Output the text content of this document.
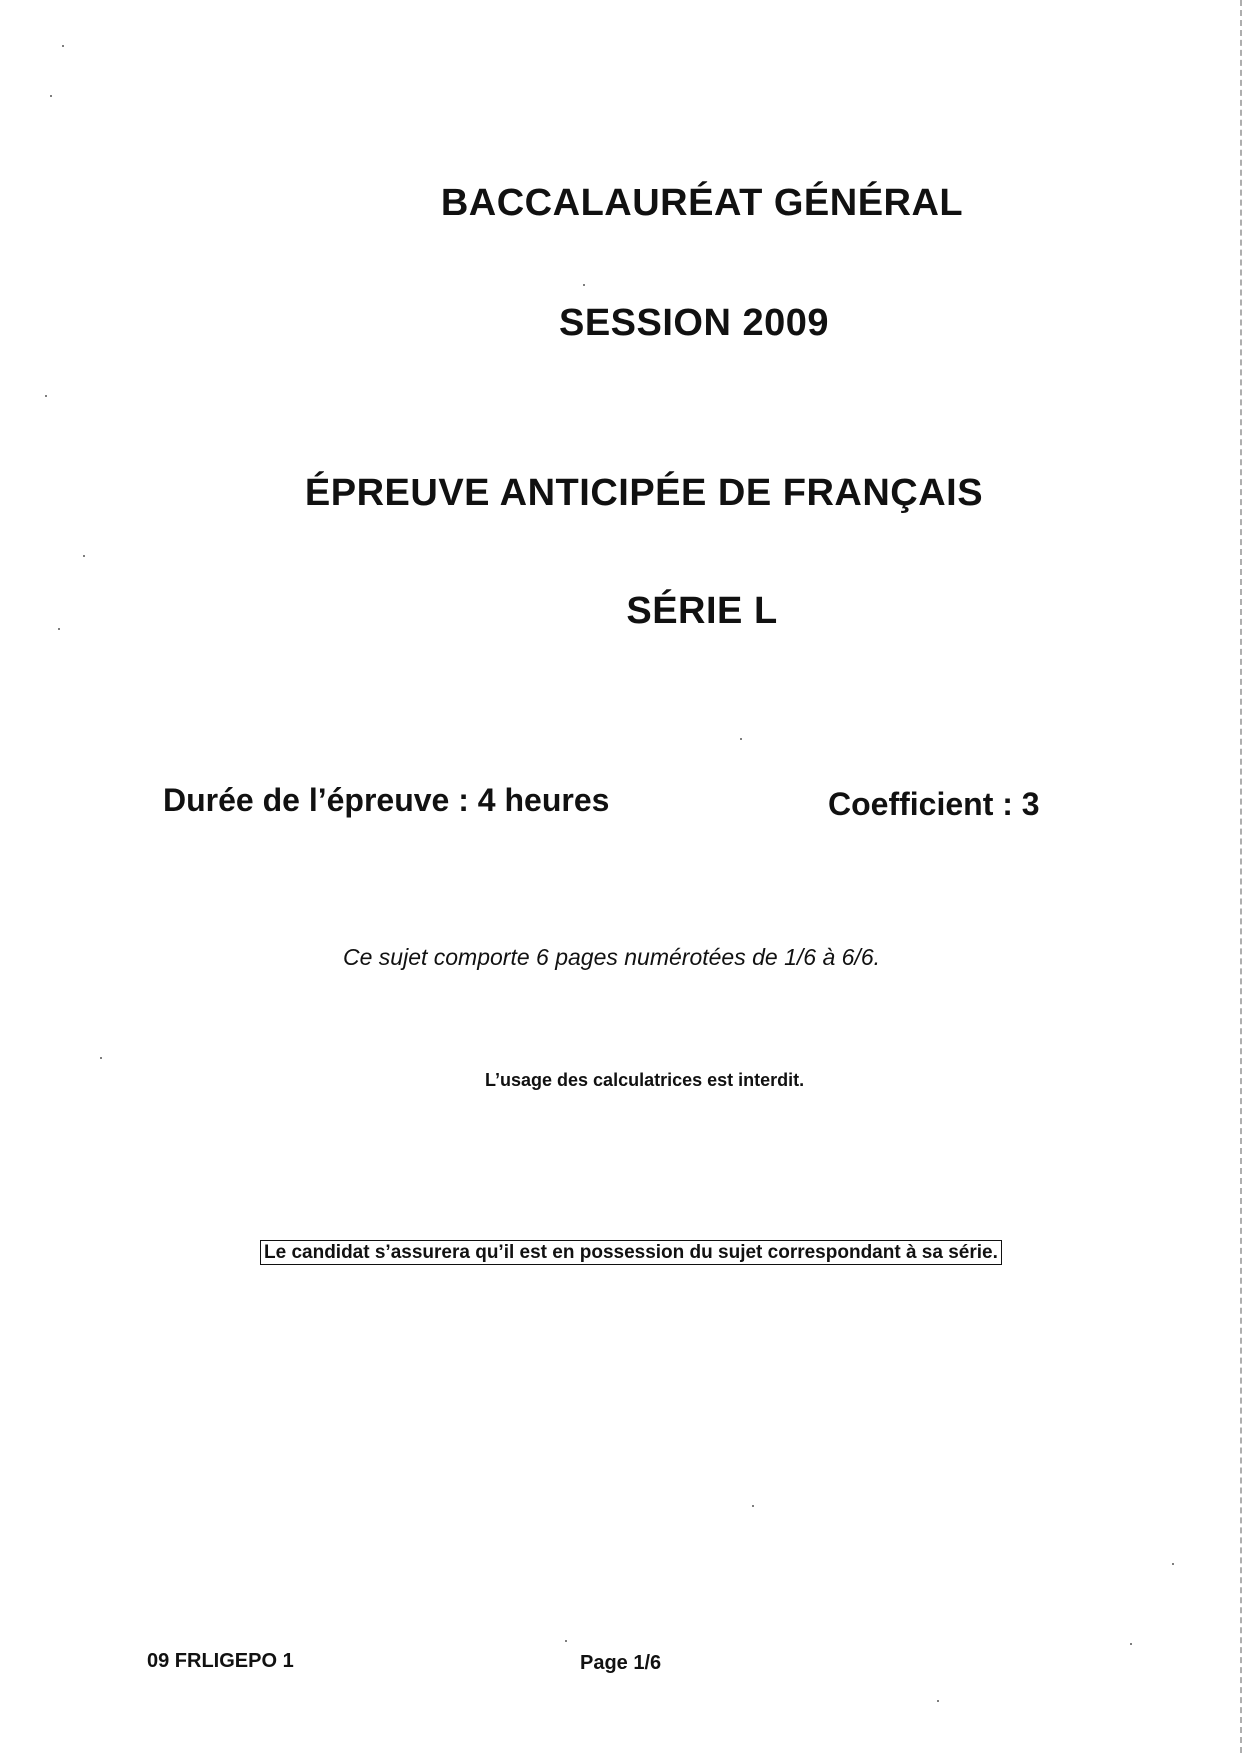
BACCALAURÉAT GÉNÉRAL
SESSION 2009
ÉPREUVE ANTICIPÉE DE FRANÇAIS
SÉRIE L
Durée de l’épreuve : 4 heures	Coefficient : 3
Ce sujet comporte 6 pages numérotées de 1/6 à 6/6.
L’usage des calculatrices est interdit.
Le candidat s’assurera qu’il est en possession du sujet correspondant à sa série.
09 FRLIGEPO 1	Page 1/6
